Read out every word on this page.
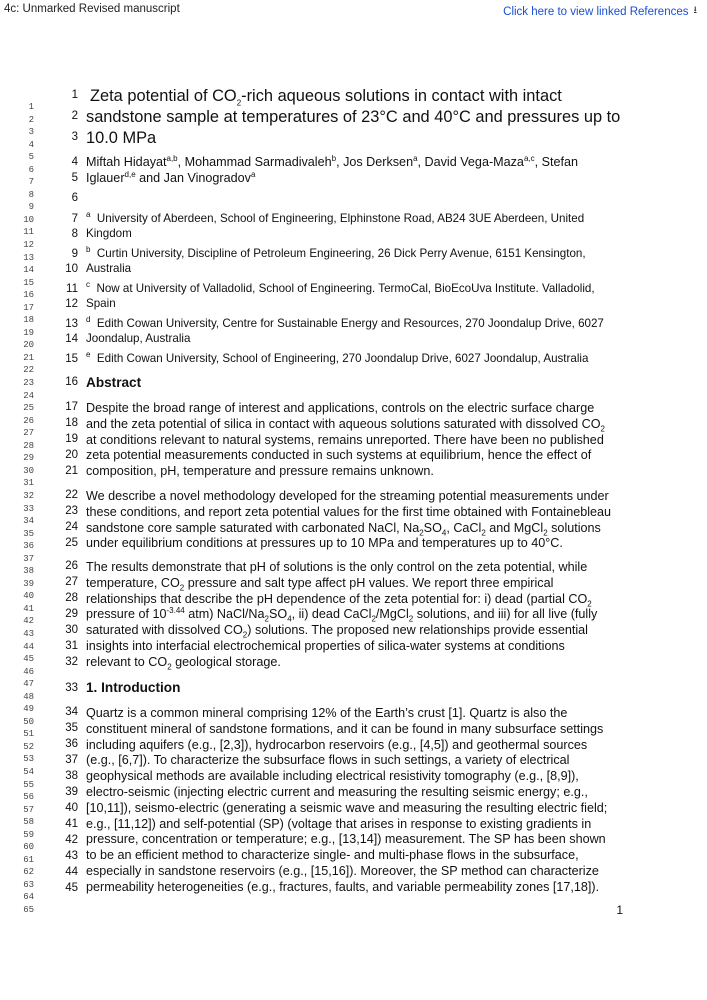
4c: Unmarked Revised manuscript	Click here to view linked References ⭳
1
2
3
4
5
6
7
8
9
10
11
12
13
14
15
16
17
18
19
20
21
22
23
24
25
26
27
28
29
30
31
32
33
34
35
36
37
38
39
40
41
42
43
44
45
46
47
48
49
50
51
52
53
54
55
56
57
58
59
60
61
62
63
64
65
1
2
3
4
5
6
7
8
9
10
11
12
13
14
15
16
17
18
19
20
21
22
23
24
25
26
27
28
29
30
31
32
33
34
35
36
37
38
39
40
41
42
43
44
45
Zeta potential of $CO_2$-rich aqueous solutions in contact with intact
sandstone sample at temperatures of 23°C and 40°C and pressures up to
10.0 MPa
Miftah Hidayat$^{a,b}$, Mohammad Sarmadivaleh$^b$, Jos Derksen$^a$, David Vega-Maza$^{a,c}$, Stefan
Iglauer$^{d,e}$ and Jan Vinogradov$^a$
$^a$ University of Aberdeen, School of Engineering, Elphinstone Road, AB24 3UE Aberdeen, United
Kingdom
$^b$ Curtin University, Discipline of Petroleum Engineering, 26 Dick Perry Avenue, 6151 Kensington,
Australia
$^c$ Now at University of Valladolid, School of Engineering. TermoCal, BioEcoUva Institute. Valladolid,
Spain
$^d$ Edith Cowan University, Centre for Sustainable Energy and Resources, 270 Joondalup Drive, 6027
Joondalup, Australia
$^e$ Edith Cowan University, School of Engineering, 270 Joondalup Drive, 6027 Joondalup, Australia
Abstract
Despite the broad range of interest and applications, controls on the electric surface charge
and the zeta potential of silica in contact with aqueous solutions saturated with dissolved $CO_2$
at conditions relevant to natural systems, remains unreported. There have been no published
zeta potential measurements conducted in such systems at equilibrium, hence the effect of
composition, pH, temperature and pressure remains unknown.
We describe a novel methodology developed for the streaming potential measurements under
these conditions, and report zeta potential values for the first time obtained with Fontainebleau
sandstone core sample saturated with carbonated NaCl, $Na_2SO_4$, CaCl$_2$ and MgCl$_2$ solutions
under equilibrium conditions at pressures up to 10 MPa and temperatures up to 40°C.
The results demonstrate that pH of solutions is the only control on the zeta potential, while
temperature, $CO_2$ pressure and salt type affect pH values. We report three empirical
relationships that describe the pH dependence of the zeta potential for: i) dead (partial $CO_2$
pressure of $10^{-3.44}$ atm) NaCl/$Na_2SO_4$, ii) dead CaCl$_2$/MgCl$_2$ solutions, and iii) for all live (fully
saturated with dissolved $CO_2$) solutions. The proposed new relationships provide essential
insights into interfacial electrochemical properties of silica-water systems at conditions
relevant to $CO_2$ geological storage.
1. Introduction
Quartz is a common mineral comprising 12% of the Earth’s crust [1]. Quartz is also the
constituent mineral of sandstone formations, and it can be found in many subsurface settings
including aquifers (e.g., [2,3]), hydrocarbon reservoirs (e.g., [4,5]) and geothermal sources
(e.g., [6,7]). To characterize the subsurface flows in such settings, a variety of electrical
geophysical methods are available including electrical resistivity tomography (e.g., [8,9]),
electro-seismic (injecting electric current and measuring the resulting seismic energy; e.g.,
[10,11]), seismo-electric (generating a seismic wave and measuring the resulting electric field;
e.g., [11,12]) and self-potential (SP) (voltage that arises in response to existing gradients in
pressure, concentration or temperature; e.g., [13,14]) measurement. The SP has been shown
to be an efficient method to characterize single- and multi-phase flows in the subsurface,
especially in sandstone reservoirs (e.g., [15,16]). Moreover, the SP method can characterize
permeability heterogeneities (e.g., fractures, faults, and variable permeability zones [17,18]).
1
